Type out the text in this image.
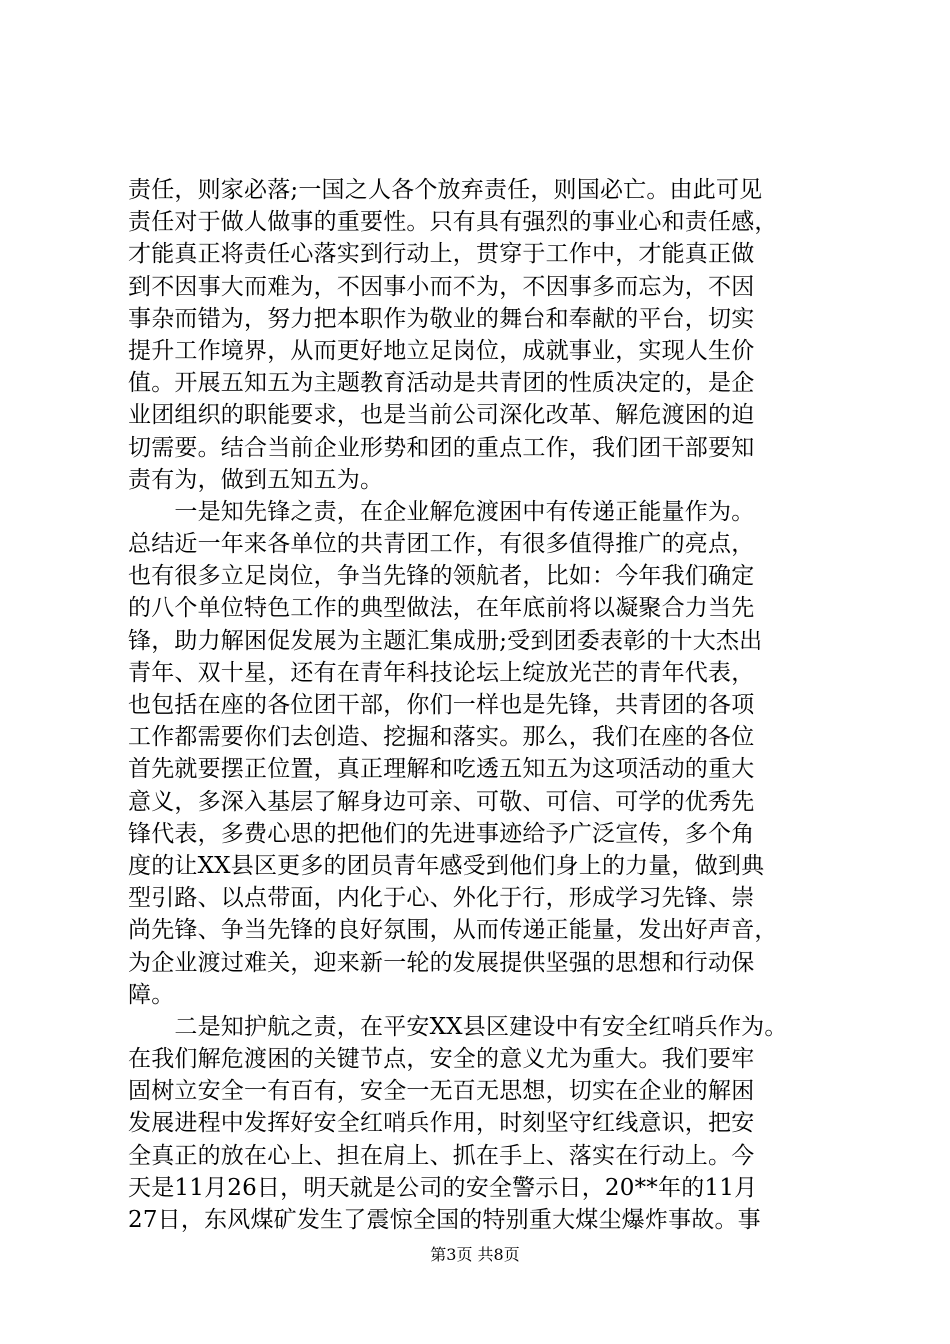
责任，则家必落;一国之人各个放弃责任，则国必亡。由此可见
责任对于做人做事的重要性。只有具有强烈的事业心和责任感，
才能真正将责任心落实到行动上，贯穿于工作中，才能真正做
到不因事大而难为，不因事小而不为，不因事多而忘为，不因
事杂而错为，努力把本职作为敬业的舞台和奉献的平台，切实
提升工作境界，从而更好地立足岗位，成就事业，实现人生价
值。开展五知五为主题教育活动是共青团的性质决定的，是企
业团组织的职能要求，也是当前公司深化改革、解危渡困的迫
切需要。结合当前企业形势和团的重点工作，我们团干部要知
责有为，做到五知五为。
　　一是知先锋之责，在企业解危渡困中有传递正能量作为。
总结近一年来各单位的共青团工作，有很多值得推广的亮点，
也有很多立足岗位，争当先锋的领航者，比如：今年我们确定
的八个单位特色工作的典型做法，在年底前将以凝聚合力当先
锋，助力解困促发展为主题汇集成册;受到团委表彰的十大杰出
青年、双十星，还有在青年科技论坛上绽放光芒的青年代表，
也包括在座的各位团干部，你们一样也是先锋，共青团的各项
工作都需要你们去创造、挖掘和落实。那么，我们在座的各位
首先就要摆正位置，真正理解和吃透五知五为这项活动的重大
意义，多深入基层了解身边可亲、可敬、可信、可学的优秀先
锋代表，多费心思的把他们的先进事迹给予广泛宣传，多个角
度的让XX县区更多的团员青年感受到他们身上的力量，做到典
型引路、以点带面，内化于心、外化于行，形成学习先锋、崇
尚先锋、争当先锋的良好氛围，从而传递正能量，发出好声音，
为企业渡过难关，迎来新一轮的发展提供坚强的思想和行动保
障。
　　二是知护航之责，在平安XX县区建设中有安全红哨兵作为。
在我们解危渡困的关键节点，安全的意义尤为重大。我们要牢
固树立安全一有百有，安全一无百无思想，切实在企业的解困
发展进程中发挥好安全红哨兵作用，时刻坚守红线意识，把安
全真正的放在心上、担在肩上、抓在手上、落实在行动上。今
天是11月26日，明天就是公司的安全警示日，20**年的11月
27日，东风煤矿发生了震惊全国的特别重大煤尘爆炸事故。事
第3页 共8页
